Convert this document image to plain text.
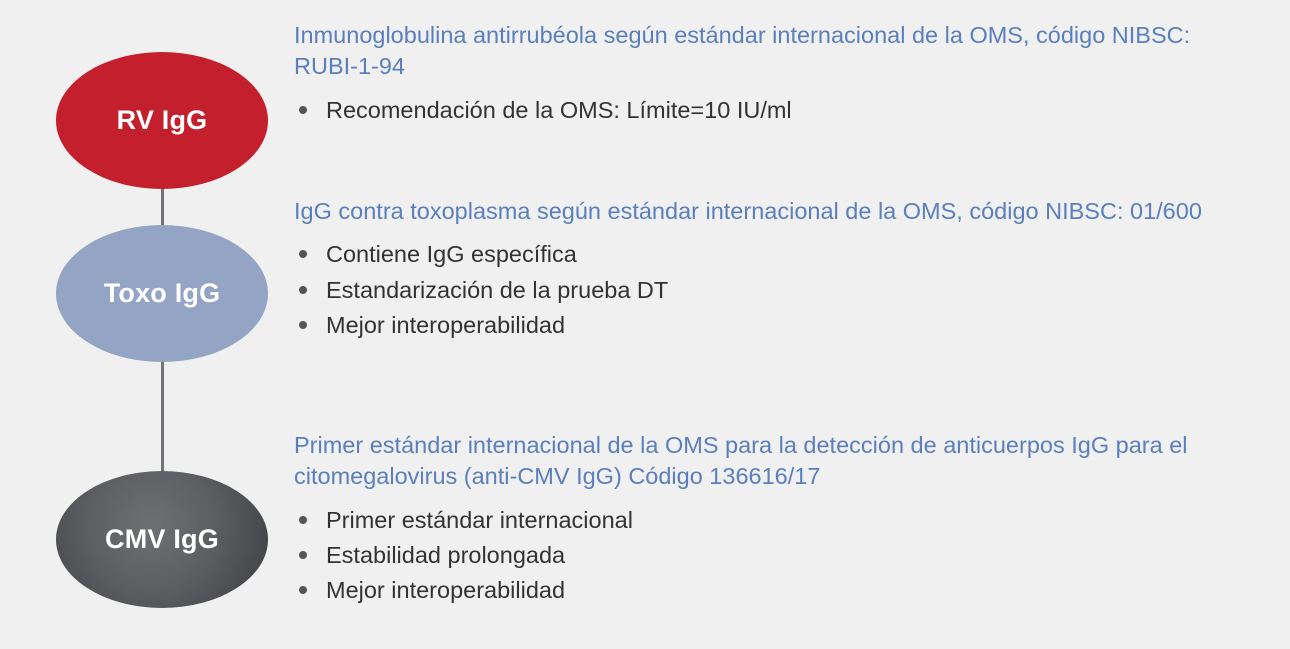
RV IgG
Toxo IgG
CMV IgG

Inmunoglobulina antirrubéola según estándar internacional de la OMS, código NIBSC: RUBI-1-94

Recomendación de la OMS: Límite=10 IU/ml

IgG contra toxoplasma según estándar internacional de la OMS, código NIBSC: 01/600

Contiene IgG específica
Estandarización de la prueba DT
Mejor interoperabilidad

Primer estándar internacional de la OMS para la detección de anticuerpos IgG para el citomegalovirus (anti-CMV IgG) Código 136616/17

Primer estándar internacional
Estabilidad prolongada
Mejor interoperabilidad
